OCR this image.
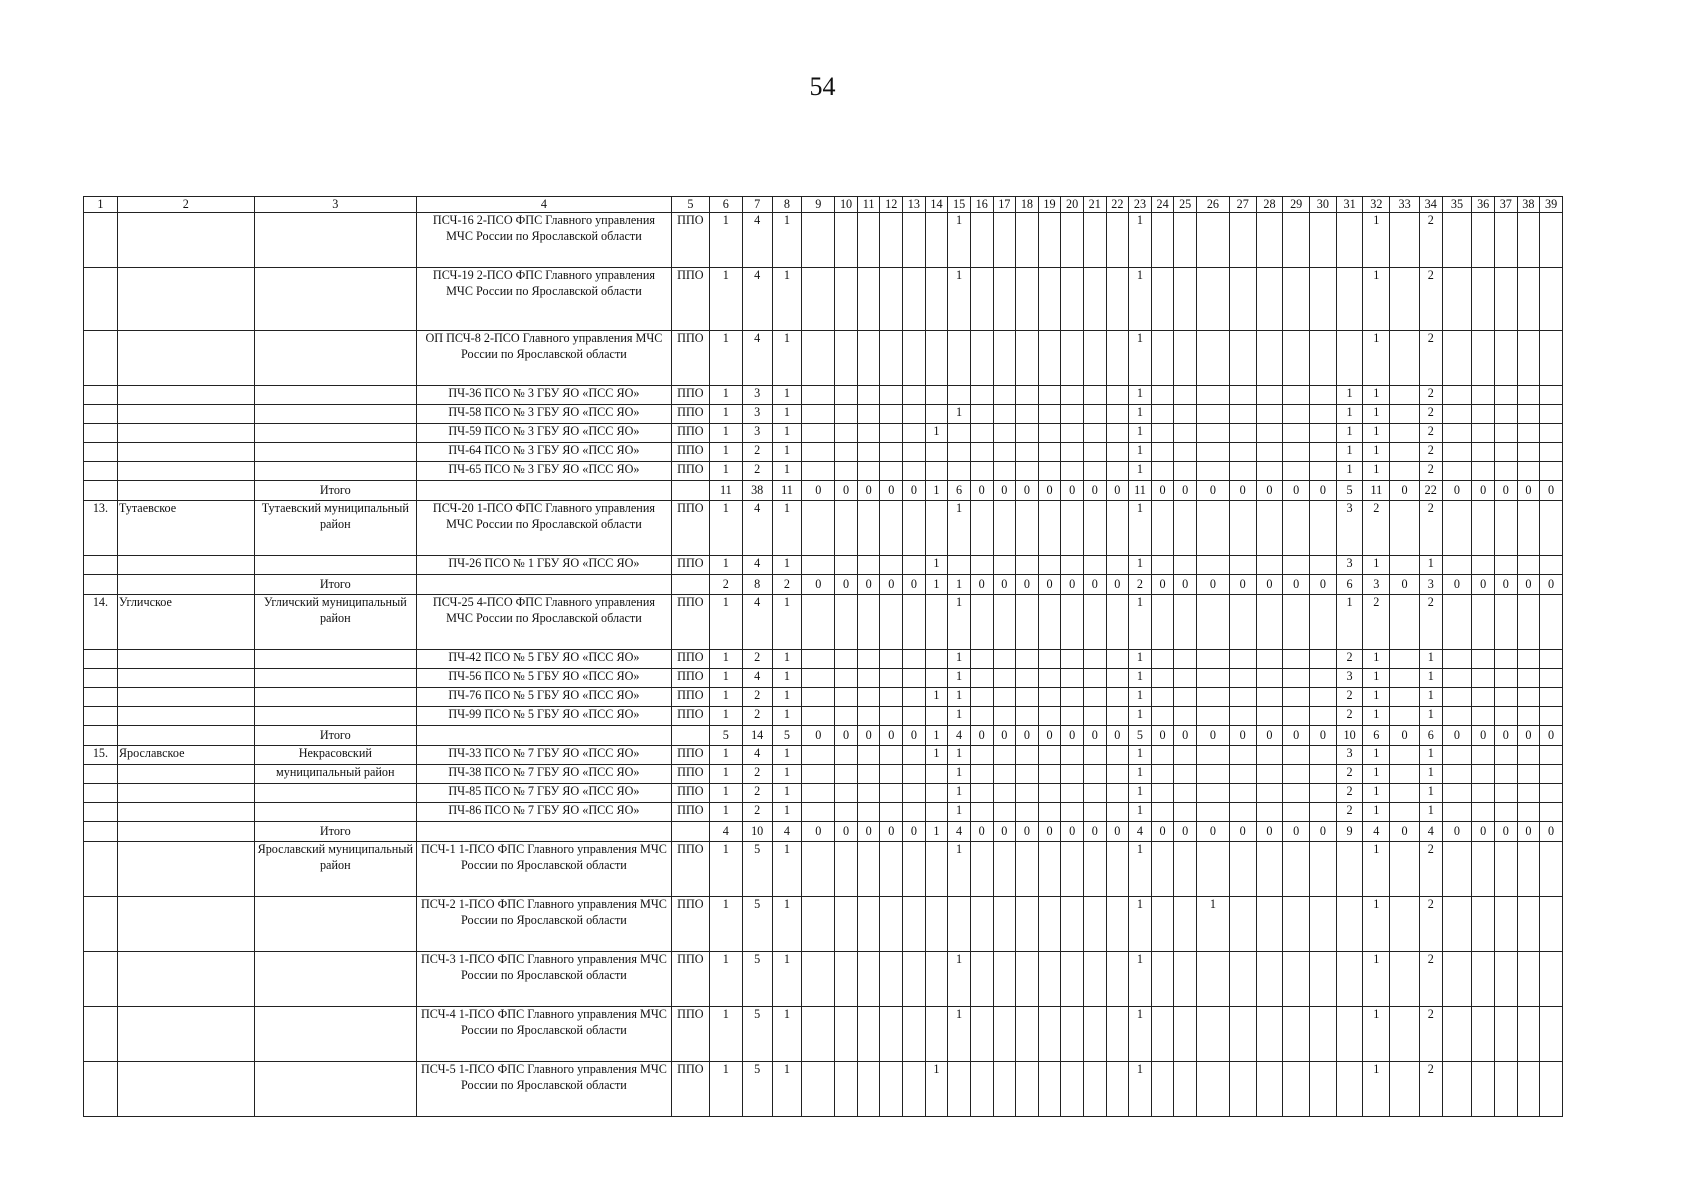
54
1	2	3	4	5	6	7	8	9	10	11	12	13	14	15	16	17	18	19	20	21	22	23	24	25	26	27	28	29	30	31	32	33	34	35	36	37	38	39
			ПСЧ-16 2-ПСО ФПС Главного управления МЧС России по Ярославской области	ППО	1	4	1							1								1									1		2					
			ПСЧ-19 2-ПСО ФПС Главного управления МЧС России по Ярославской области	ППО	1	4	1							1								1									1		2					
			ОП ПСЧ-8 2-ПСО Главного управления МЧС России по Ярославской области	ППО	1	4	1															1									1		2					
			ПЧ-36 ПСО № 3 ГБУ ЯО «ПСС ЯО»	ППО	1	3	1															1								1	1		2					
			ПЧ-58 ПСО № 3 ГБУ ЯО «ПСС ЯО»	ППО	1	3	1							1								1								1	1		2					
			ПЧ-59 ПСО № 3 ГБУ ЯО «ПСС ЯО»	ППО	1	3	1						1									1								1	1		2					
			ПЧ-64 ПСО № 3 ГБУ ЯО «ПСС ЯО»	ППО	1	2	1															1								1	1		2					
			ПЧ-65 ПСО № 3 ГБУ ЯО «ПСС ЯО»	ППО	1	2	1															1								1	1		2					
		Итого			11	38	11	0	0	0	0	0	1	6	0	0	0	0	0	0	0	11	0	0	0	0	0	0	0	5	11	0	22	0	0	0	0	0
13.	Тутаевское	Тутаевский муниципальный район	ПСЧ-20 1-ПСО ФПС Главного управления МЧС России по Ярославской области	ППО	1	4	1							1								1								3	2		2					
			ПЧ-26 ПСО № 1 ГБУ ЯО «ПСС ЯО»	ППО	1	4	1						1									1								3	1		1					
		Итого			2	8	2	0	0	0	0	0	1	1	0	0	0	0	0	0	0	2	0	0	0	0	0	0	0	6	3	0	3	0	0	0	0	0
14.	Угличское	Угличский муниципальный район	ПСЧ-25 4-ПСО ФПС Главного управления МЧС России по Ярославской области	ППО	1	4	1							1								1								1	2		2					
			ПЧ-42 ПСО № 5 ГБУ ЯО «ПСС ЯО»	ППО	1	2	1							1								1								2	1		1					
			ПЧ-56 ПСО № 5 ГБУ ЯО «ПСС ЯО»	ППО	1	4	1							1								1								3	1		1					
			ПЧ-76 ПСО № 5 ГБУ ЯО «ПСС ЯО»	ППО	1	2	1						1	1								1								2	1		1					
			ПЧ-99 ПСО № 5 ГБУ ЯО «ПСС ЯО»	ППО	1	2	1							1								1								2	1		1					
		Итого			5	14	5	0	0	0	0	0	1	4	0	0	0	0	0	0	0	5	0	0	0	0	0	0	0	10	6	0	6	0	0	0	0	0
15.	Ярославское	Некрасовский	ПЧ-33 ПСО № 7 ГБУ ЯО «ПСС ЯО»	ППО	1	4	1						1	1								1								3	1		1					
		муниципальный район	ПЧ-38 ПСО № 7 ГБУ ЯО «ПСС ЯО»	ППО	1	2	1							1								1								2	1		1					
			ПЧ-85 ПСО № 7 ГБУ ЯО «ПСС ЯО»	ППО	1	2	1							1								1								2	1		1					
			ПЧ-86 ПСО № 7 ГБУ ЯО «ПСС ЯО»	ППО	1	2	1							1								1								2	1		1					
		Итого			4	10	4	0	0	0	0	0	1	4	0	0	0	0	0	0	0	4	0	0	0	0	0	0	0	9	4	0	4	0	0	0	0	0
		Ярославский муниципальный район	ПСЧ-1 1-ПСО ФПС Главного управления МЧС России по Ярославской области	ППО	1	5	1							1								1									1		2					
			ПСЧ-2 1-ПСО ФПС Главного управления МЧС России по Ярославской области	ППО	1	5	1															1			1						1		2					
			ПСЧ-3 1-ПСО ФПС Главного управления МЧС России по Ярославской области	ППО	1	5	1							1								1									1		2					
			ПСЧ-4 1-ПСО ФПС Главного управления МЧС России по Ярославской области	ППО	1	5	1							1								1									1		2					
			ПСЧ-5 1-ПСО ФПС Главного управления МЧС России по Ярославской области	ППО	1	5	1						1									1									1		2					
